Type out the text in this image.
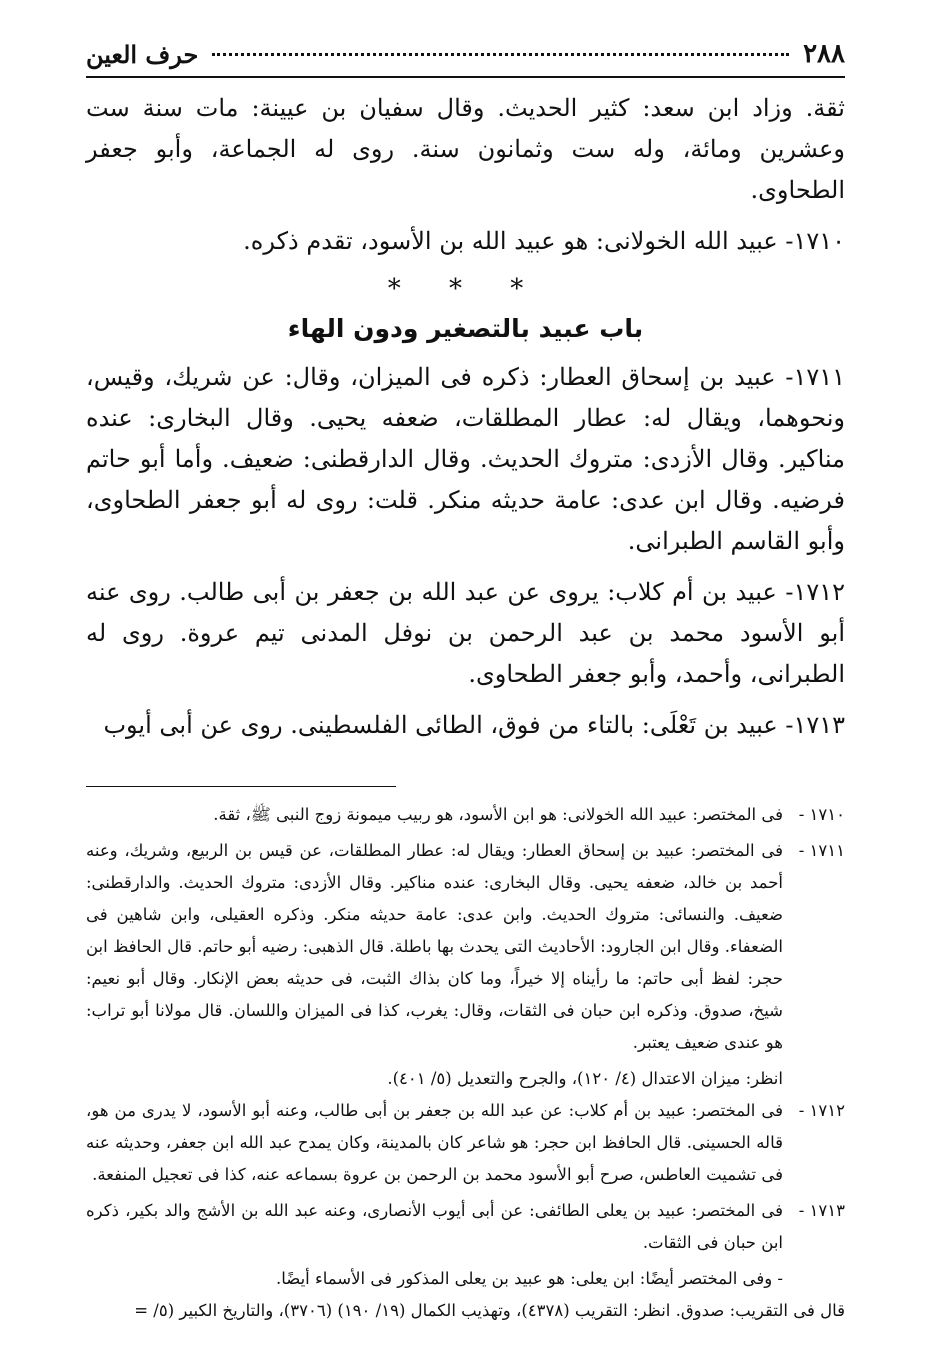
٢٨٨
حرف العين

ثقة. وزاد ابن سعد: كثير الحديث. وقال سفيان بن عيينة: مات سنة ست وعشرين ومائة، وله ست وثمانون سنة. روى له الجماعة، وأبو جعفر الطحاوى.

١٧١٠- عبيد الله الخولانى: هو عبيد الله بن الأسود، تقدم ذكره.

* * *
باب عبيد بالتصغير ودون الهاء

١٧١١- عبيد بن إسحاق العطار: ذكره فى الميزان، وقال: عن شريك، وقيس، ونحوهما، ويقال له: عطار المطلقات، ضعفه يحيى. وقال البخارى: عنده مناكير. وقال الأزدى: متروك الحديث. وقال الدارقطنى: ضعيف. وأما أبو حاتم فرضيه. وقال ابن عدى: عامة حديثه منكر. قلت: روى له أبو جعفر الطحاوى، وأبو القاسم الطبرانى.

١٧١٢- عبيد بن أم كلاب: يروى عن عبد الله بن جعفر بن أبى طالب. روى عنه أبو الأسود محمد بن عبد الرحمن بن نوفل المدنى تيم عروة. روى له الطبرانى، وأحمد، وأبو جعفر الطحاوى.

١٧١٣- عبيد بن تَعْلَى: بالتاء من فوق، الطائى الفلسطينى. روى عن أبى أيوب

١٧١٠ -
فى المختصر: عبيد الله الخولانى: هو ابن الأسود، هو ربيب ميمونة زوج النبى ﷺ، ثقة.
١٧١١ -
فى المختصر: عبيد بن إسحاق العطار: ويقال له: عطار المطلقات، عن قيس بن الربيع، وشريك، وعنه أحمد بن خالد، ضعفه يحيى. وقال البخارى: عنده مناكير. وقال الأزدى: متروك الحديث. والدارقطنى: ضعيف. والنسائى: متروك الحديث. وابن عدى: عامة حديثه منكر. وذكره العقيلى، وابن شاهين فى الضعفاء. وقال ابن الجارود: الأحاديث التى يحدث بها باطلة. قال الذهبى: رضيه أبو حاتم. قال الحافظ ابن حجر: لفظ أبى حاتم: ما رأيناه إلا خيراً، وما كان بذاك الثبت، فى حديثه بعض الإنكار. وقال أبو نعيم: شيخ، صدوق. وذكره ابن حبان فى الثقات، وقال: يغرب، كذا فى الميزان واللسان. قال مولانا أبو تراب: هو عندى ضعيف يعتبر.
انظر: ميزان الاعتدال (٤/ ١٢٠)، والجرح والتعديل (٥/ ٤٠١).
١٧١٢ -
فى المختصر: عبيد بن أم كلاب: عن عبد الله بن جعفر بن أبى طالب، وعنه أبو الأسود، لا يدرى من هو، قاله الحسينى. قال الحافظ ابن حجر: هو شاعر كان بالمدينة، وكان يمدح عبد الله ابن جعفر، وحديثه عنه فى تشميت العاطس، صرح أبو الأسود محمد بن الرحمن بن عروة بسماعه عنه، كذا فى تعجيل المنفعة.
١٧١٣ -
فى المختصر: عبيد بن يعلى الطائفى: عن أبى أيوب الأنصارى، وعنه عبد الله بن الأشج والد بكير، ذكره ابن حبان فى الثقات.
- وفى المختصر أيضًا: ابن يعلى: هو عبيد بن يعلى المذكور فى الأسماء أيضًا.
قال فى التقريب: صدوق. انظر: التقريب (٤٣٧٨)، وتهذيب الكمال (١٩/ ١٩٠) (٣٧٠٦)، والتاريخ الكبير (٥/ =
